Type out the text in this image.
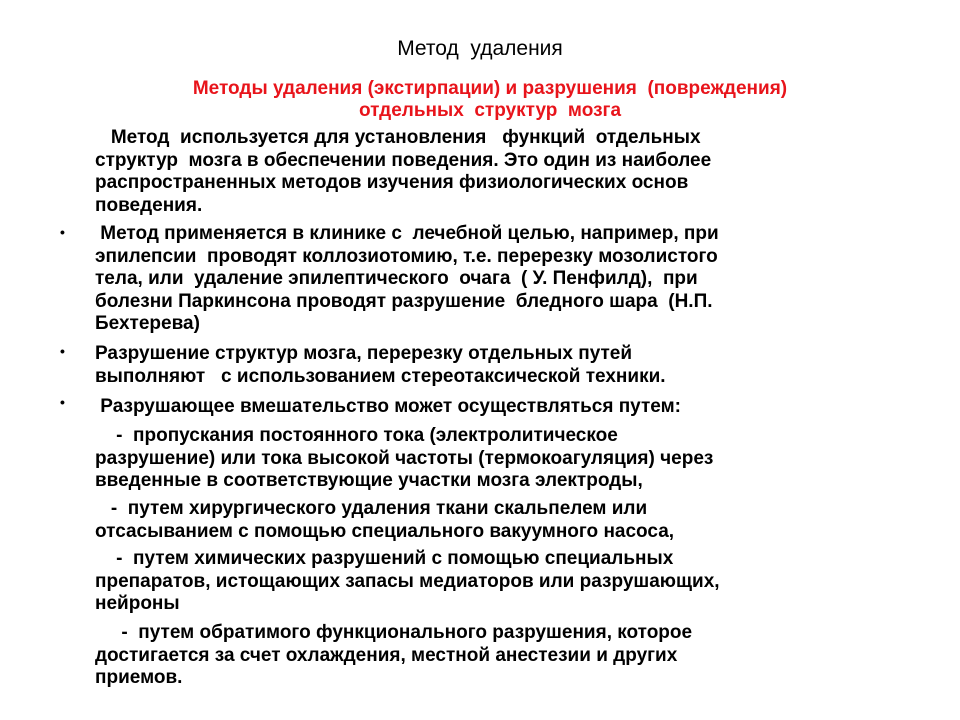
Метод  удаления
Методы удаления (экстирпации) и разрушения  (повреждения)
отдельных  структур  мозга
Метод  используется для установления   функций  отдельных
структур  мозга в обеспечении поведения. Это один из наиболее
распространенных методов изучения физиологических основ
поведения.
• Метод применяется в клинике с  лечебной целью, например, при
эпилепсии  проводят коллозиотомию, т.е. перерезку мозолистого
тела, или  удаление эпилептического  очага  ( У. Пенфилд),  при
болезни Паркинсона проводят разрушение  бледного шара  (Н.П.
Бехтерева)
• Разрушение структур мозга, перерезку отдельных путей
выполняют   с использованием стереотаксической техники.
• Разрушающее вмешательство может осуществляться путем:
-  пропускания постоянного тока (электролитическое
разрушение) или тока высокой частоты (термокоагуляция) через
введенные в соответствующие участки мозга электроды,
-  путем хирургического удаления ткани скальпелем или
отсасыванием с помощью специального вакуумного насоса,
-  путем химических разрушений с помощью специальных
препаратов, истощающих запасы медиаторов или разрушающих,
нейроны
-  путем обратимого функционального разрушения, которое
достигается за счет охлаждения, местной анестезии и других
приемов.
